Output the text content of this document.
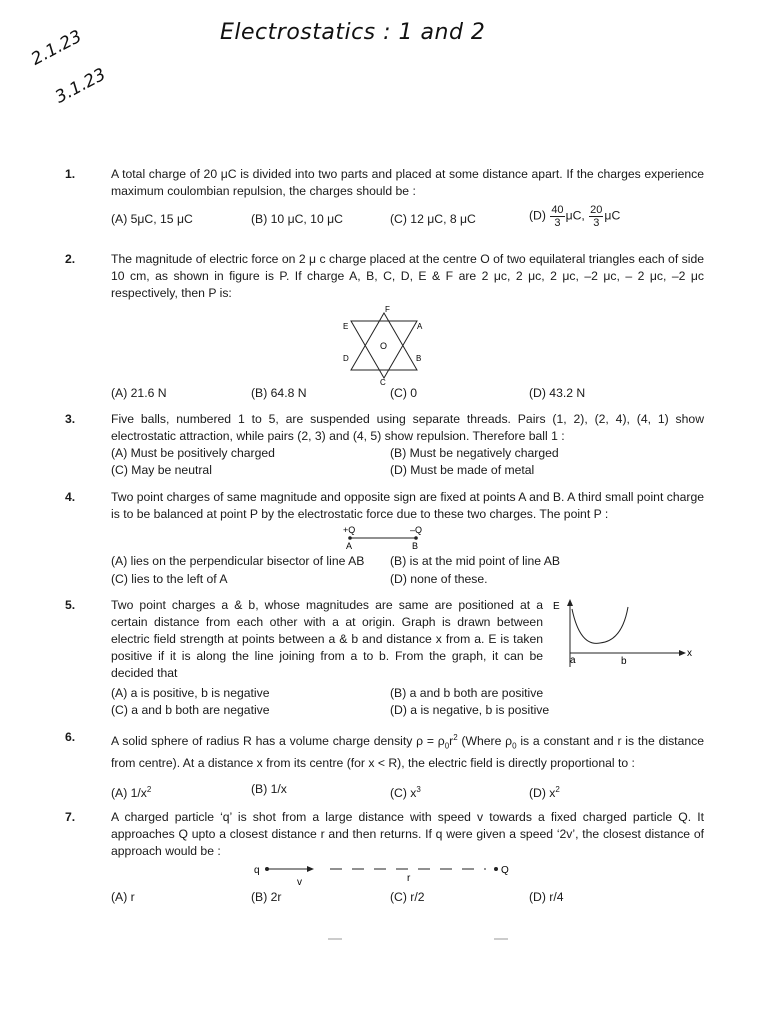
Electrostatics : 1 and 2
2.1.23
3.1.23
1.	A total charge of 20 μC is divided into two parts and placed at some distance apart. If the charges experience maximum coulombian repulsion, the charges should be :
(A) 5μC, 15 μC	(B) 10 μC, 10 μC	(C) 12 μC, 8 μC	$(D) \frac{40}{3} \mu C$, $\frac{20}{3}$ μC
2.	The magnitude of electric force on 2 μ c charge placed at the centre O of two equilateral triangles each of side 10 cm, as shown in figure is P. If charge A, B, C, D, E & F are 2 μc, 2 μc, 2 μc, –2 μc, – 2 μc, –2 μc respectively, then P is:
F
A
B
C
D
E
O
(A) 21.6 N	(B) 64.8 N	(C) 0	(D) 43.2 N
3.	Five balls, numbered 1 to 5, are suspended using separate threads. Pairs (1, 2), (2, 4), (4, 1) show electrostatic attraction, while pairs (2, 3) and (4, 5) show repulsion. Therefore ball 1 :
(A) Must be positively charged	(B) Must be negatively charged
(C) May be neutral	(D) Must be made of metal
4.	Two point charges of same magnitude and opposite sign are fixed at points A and B. A third small point charge is to be balanced at point P by the electrostatic force due to these two charges. The point P :
+Q	–Q
A	B
(A) lies on the perpendicular bisector of line AB (B) is at the mid point of line AB
(C) lies to the left of A	(D) none of these.
5.	Two point charges a & b, whose magnitudes are same are positioned at a certain distance from each other with a at origin. Graph is drawn between electric field strength at points between a & b and distance x from a. E is taken positive if it is along the line joining from a to b. From the graph, it can be decided that
E
x
a	b
(A) a is positive, b is negative	(B) a and b both are positive
(C) a and b both are negative	(D) a is negative, b is positive
6.	A solid sphere of radius R has a volume charge density $\rho = \rho_0r^2$ (Where $\rho_0$ is a constant and r is the distance from centre). At a distance x from its centre (for x < R), the electric field is directly proportional to :
(A) $1/x^2$	(B) 1/x	(C) $x^3$	(D) $x^2$
7.	A charged particle ‘q’ is shot from a large distance with speed v towards a fixed charged particle Q. It approaches Q upto a closest distance r and then returns. If q were given a speed ‘2v’, the closest distance of approach would be :
q
v	r
Q
(A) r	(B) 2r	(C) r/2	(D) r/4
